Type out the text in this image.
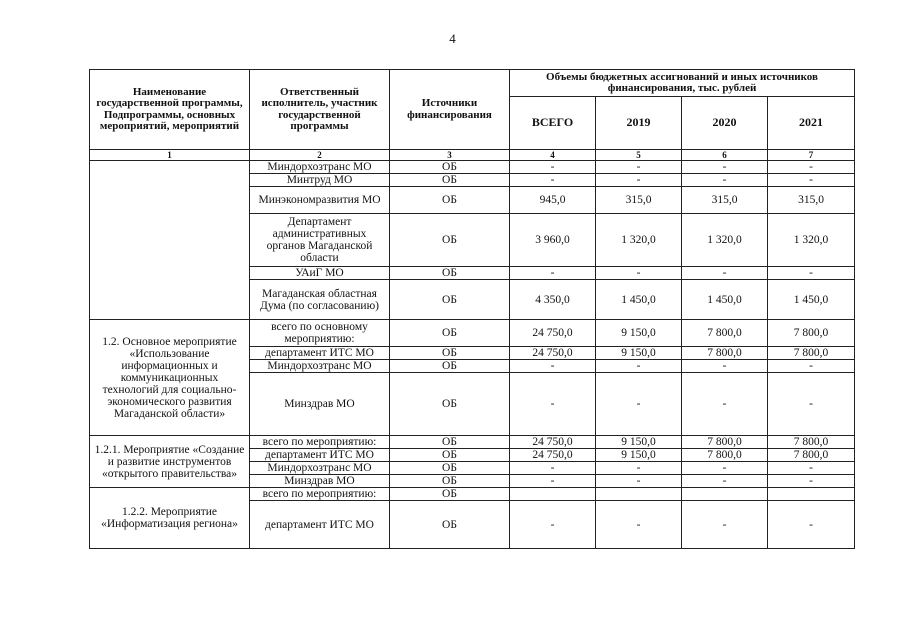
4
Наименование государственной программы, Подпрограммы, основных мероприятий, мероприятий	Ответственный исполнитель, участник государственной программы	Источники финансирования	Объемы бюджетных ассигнований и иных источников финансирования, тыс. рублей			
			ВСЕГО	2019	2020	2021
1	2	3	4	5	6	7
	Миндорхозтранс МО	ОБ	-	-	-	-
	Минтруд МО	ОБ	-	-	-	-
	Минэкономразвития МО	ОБ	945,0	315,0	315,0	315,0
	Департамент административных органов Магаданской области	ОБ	3 960,0	1 320,0	1 320,0	1 320,0
	УАиГ МО	ОБ	-	-	-	-
	Магаданская областная Дума (по согласованию)	ОБ	4 350,0	1 450,0	1 450,0	1 450,0
1.2. Основное мероприятие «Использование информационных и коммуникационных технологий для социально-экономического развития Магаданской области»	всего по основному мероприятию:	ОБ	24 750,0	9 150,0	7 800,0	7 800,0
	департамент ИТС МО	ОБ	24 750,0	9 150,0	7 800,0	7 800,0
	Миндорхозтранс МО	ОБ	-	-	-	-
	Минздрав МО	ОБ	-	-	-	-
1.2.1. Мероприятие «Создание и развитие инструментов «открытого правительства»	всего по мероприятию:	ОБ	24 750,0	9 150,0	7 800,0	7 800,0
	департамент ИТС МО	ОБ	24 750,0	9 150,0	7 800,0	7 800,0
	Миндорхозтранс МО	ОБ	-	-	-	-
	Минздрав МО	ОБ	-	-	-	-
1.2.2. Мероприятие «Информатизация региона»	всего по мероприятию:	ОБ				
	департамент ИТС МО	ОБ	-	-	-	-
